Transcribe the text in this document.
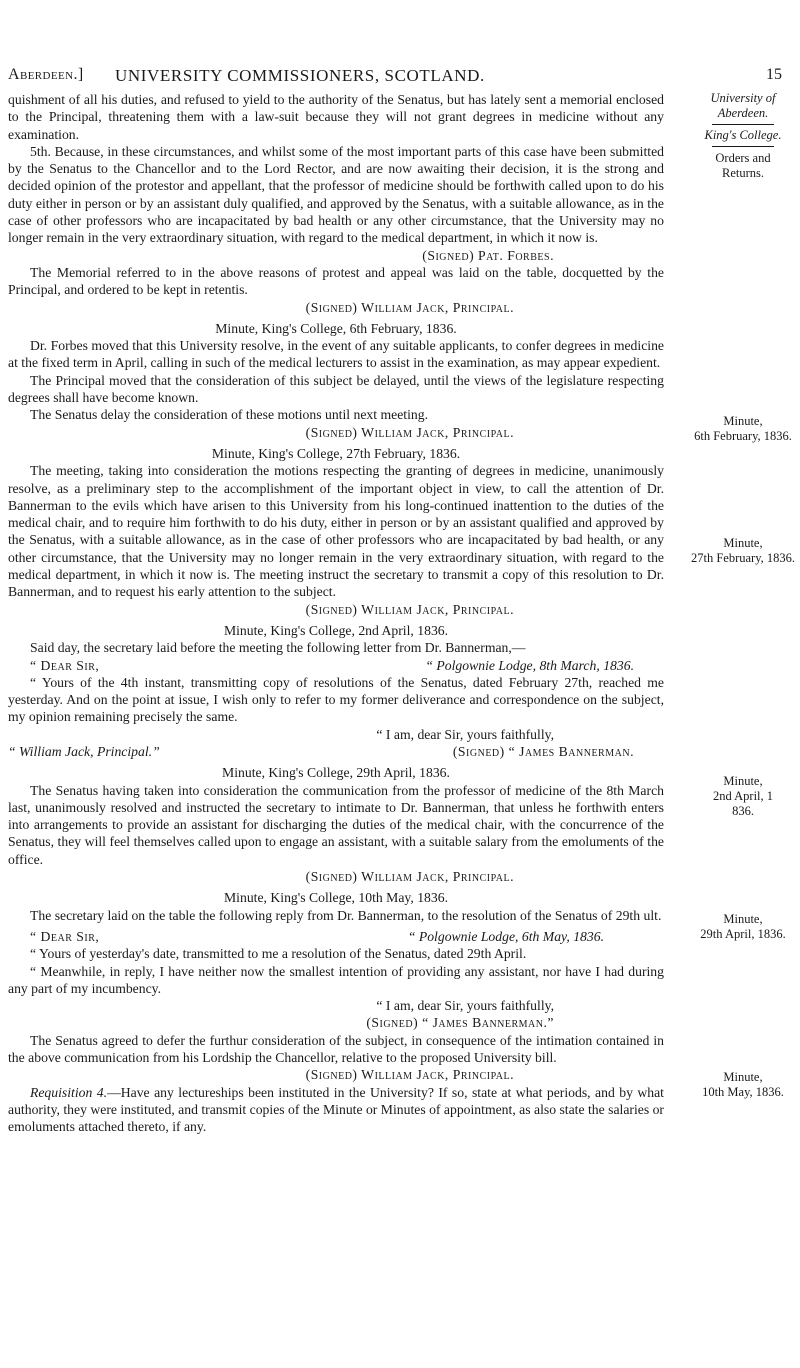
Aberdeen.] UNIVERSITY COMMISSIONERS, SCOTLAND.	15
University of
Aberdeen.
King's College.
Orders and
Returns.
Minute,
6th February, 1836.
Minute,
27th February, 1836.
Minute,
2nd April, 1
836.
Minute,
29th April, 1836.
Minute,
10th May, 1836.

quishment of all his duties, and refused to yield to the authority of the Senatus, but has lately sent a memorial enclosed to the Principal, threatening them with a law-suit because they will not grant degrees in medicine without any examination.

5th. Because, in these circumstances, and whilst some of the most important parts of this case have been submitted by the Senatus to the Chancellor and to the Lord Rector, and are now awaiting their decision, it is the strong and decided opinion of the protestor and appellant, that the professor of medicine should be forthwith called upon to do his duty either in person or by an assistant duly qualified, and approved by the Senatus, with a suitable allowance, as in the case of other professors who are incapacitated by bad health or any other circumstance, that the University may no longer remain in the very extraordinary situation, with regard to the medical department, in which it now is.

(Signed) Pat. Forbes.

The Memorial referred to in the above reasons of protest and appeal was laid on the table, docquetted by the Principal, and ordered to be kept in retentis.

(Signed) William Jack, Principal.

Minute, King's College, 6th February, 1836.

Dr. Forbes moved that this University resolve, in the event of any suitable applicants, to confer degrees in medicine at the fixed term in April, calling in such of the medical lecturers to assist in the examination, as may appear expedient.

The Principal moved that the consideration of this subject be delayed, until the views of the legislature respecting degrees shall have become known.

The Senatus delay the consideration of these motions until next meeting.

(Signed) William Jack, Principal.

Minute, King's College, 27th February, 1836.

The meeting, taking into consideration the motions respecting the granting of degrees in medicine, unanimously resolve, as a preliminary step to the accomplishment of the important object in view, to call the attention of Dr. Bannerman to the evils which have arisen to this University from his long-continued inattention to the duties of the medical chair, and to require him forthwith to do his duty, either in person or by an assistant qualified and approved by the Senatus, with a suitable allowance, as in the case of other professors who are incapacitated by bad health, or any other circumstance, that the University may no longer remain in the very extraordinary situation, with regard to the medical department, in which it now is. The meeting instruct the secretary to transmit a copy of this resolution to Dr. Bannerman, and to request his early attention to the subject.

(Signed) William Jack, Principal.

Minute, King's College, 2nd April, 1836.

Said day, the secretary laid before the meeting the following letter from Dr. Bannerman,—

“ Dear Sir,	“ Polgownie Lodge, 8th March, 1836.

“ Yours of the 4th instant, transmitting copy of resolutions of the Senatus, dated February 27th, reached me yesterday. And on the point at issue, I wish only to refer to my former deliverance and correspondence on the subject, my opinion remaining precisely the same.

“ I am, dear Sir, yours faithfully,

“ William Jack, Principal.”	(Signed) “ James Bannerman.

Minute, King's College, 29th April, 1836.

The Senatus having taken into consideration the communication from the professor of medicine of the 8th March last, unanimously resolved and instructed the secretary to intimate to Dr. Bannerman, that unless he forthwith enters into arrangements to provide an assistant for discharging the duties of the medical chair, with the concurrence of the Senatus, they will feel themselves called upon to engage an assistant, with a suitable salary from the emoluments of the office.

(Signed) William Jack, Principal.

Minute, King's College, 10th May, 1836.

The secretary laid on the table the following reply from Dr. Bannerman, to the resolution of the Senatus of 29th ult.

“ Dear Sir,	“ Polgownie Lodge, 6th May, 1836.

“ Yours of yesterday's date, transmitted to me a resolution of the Senatus, dated 29th April.

“ Meanwhile, in reply, I have neither now the smallest intention of providing any assistant, nor have I had during any part of my incumbency.

“ I am, dear Sir, yours faithfully,

(Signed) “ James Bannerman.”

The Senatus agreed to defer the furthur consideration of the subject, in consequence of the intimation contained in the above communication from his Lordship the Chancellor, relative to the proposed University bill.

(Signed) William Jack, Principal.

Requisition 4.—Have any lectureships been instituted in the University? If so, state at what periods, and by what authority, they were instituted, and transmit copies of the Minute or Minutes of appointment, as also state the salaries or emoluments attached thereto, if any.
